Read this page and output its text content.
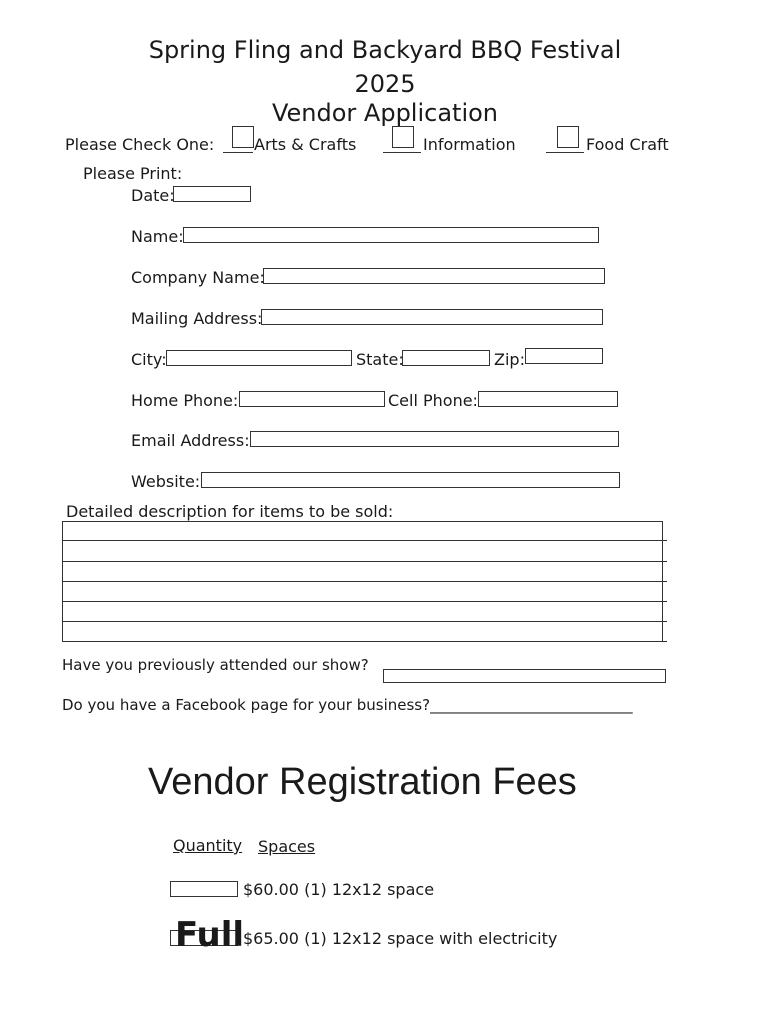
Spring Fling and Backyard BBQ Festival
2025
Vendor Application
Please Check One: Arts & Crafts	Information	Food Craft
Please Print:
Date:
Name:
Company Name:
Mailing Address:
City:	State:	Zip:
Home Phone:	Cell Phone:
Email Address:
Website:
Detailed description for items to be sold:
Have you previously attended our show?
Do you have a Facebook page for your business?___________________________
Vendor Registration Fees
Quantity Spaces
$60.00 (1) 12x12 space
Full
$65.00 (1) 12x12 space with electricity
